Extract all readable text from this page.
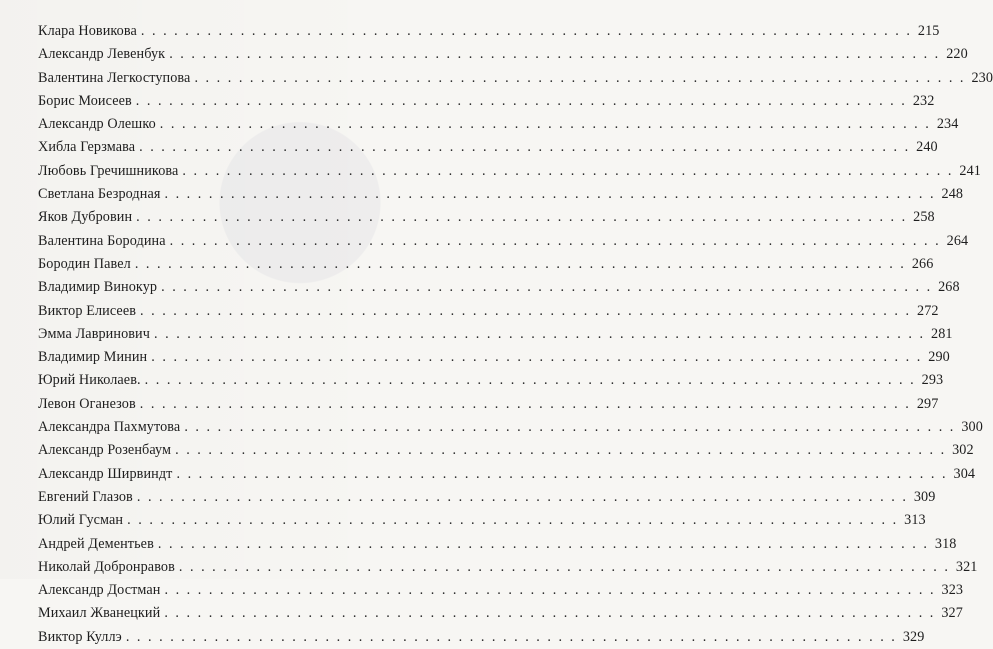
Клара Новикова . . .	215
Александр Левенбук . . .	220
Валентина Легкоступова . . .	230
Борис Моисеев . . .	232
Александр Олешко . . .	234
Хибла Герзмава . . .	240
Любовь Гречишникова . . .	241
Светлана Безродная . . .	248
Яков Дубровин . . .	258
Валентина Бородина . . .	264
Бородин Павел . . .	266
Владимир Винокур . . .	268
Виктор Елисеев . . .	272
Эмма Лавринович . . .	281
Владимир Минин . . .	290
Юрий Николаев. . . .	293
Левон Оганезов . . .	297
Александра Пахмутова . . .	300
Александр Розенбаум . . .	302
Александр Ширвиндт . . .	304
Евгений Глазов . . .	309
Юлий Гусман . . .	313
Андрей Дементьев . . .	318
Николай Добронравов . . .	321
Александр Достман . . .	323
Михаил Жванецкий . . .	327
Виктор Куллэ . . .	329
